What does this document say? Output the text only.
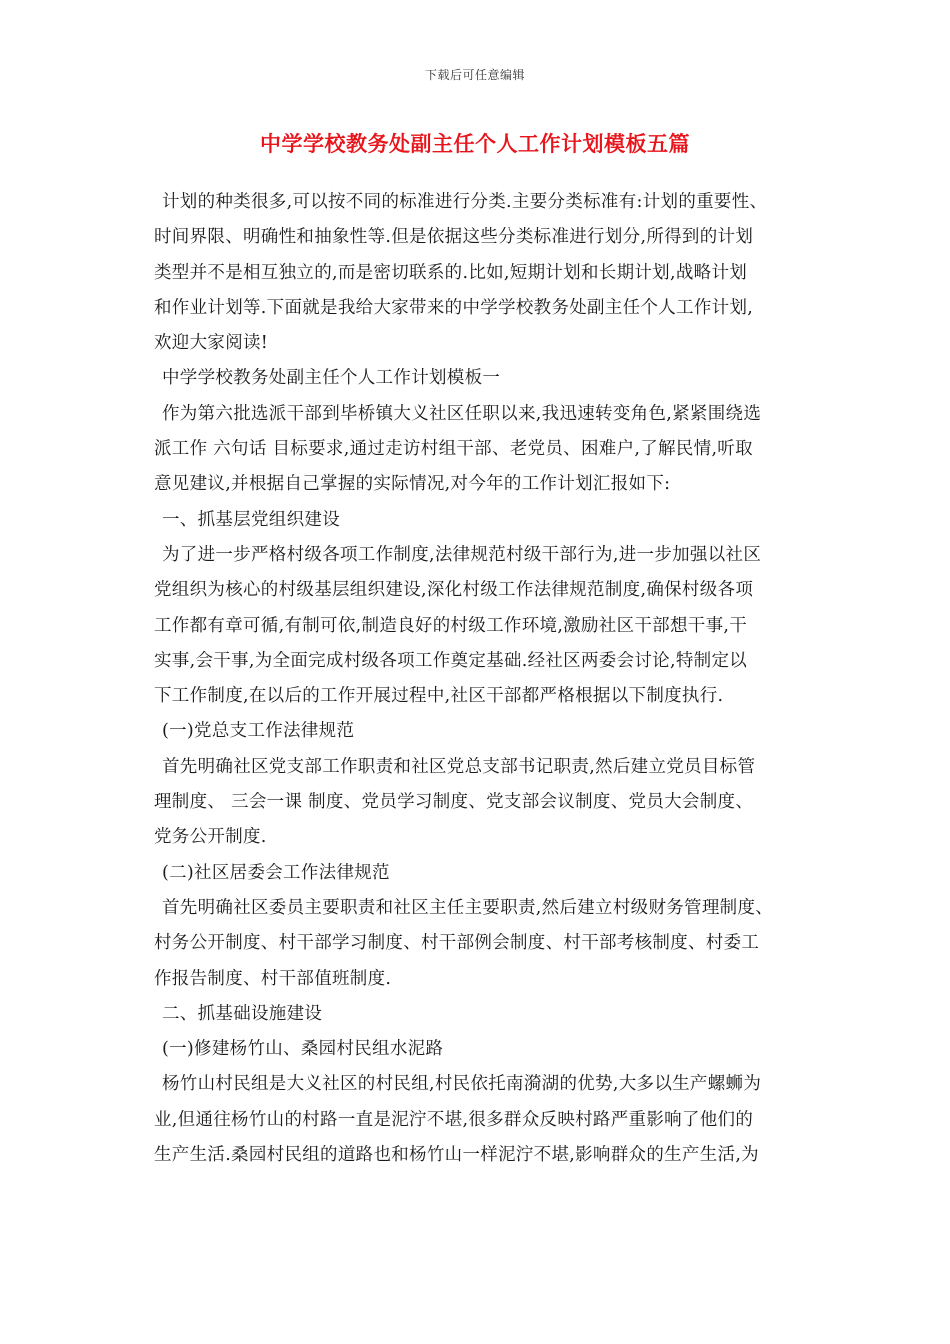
下载后可任意编辑
中学学校教务处副主任个人工作计划模板五篇

计划的种类很多,可以按不同的标准进行分类.主要分类标准有:计划的重要性、
时间界限、明确性和抽象性等.但是依据这些分类标准进行划分,所得到的计划
类型并不是相互独立的,而是密切联系的.比如,短期计划和长期计划,战略计划
和作业计划等.下面就是我给大家带来的中学学校教务处副主任个人工作计划,
欢迎大家阅读!

中学学校教务处副主任个人工作计划模板一

作为第六批选派干部到毕桥镇大义社区任职以来,我迅速转变角色,紧紧围绕选
派工作 六句话 目标要求,通过走访村组干部、老党员、困难户,了解民情,听取
意见建议,并根据自己掌握的实际情况,对今年的工作计划汇报如下:

一、抓基层党组织建设

为了进一步严格村级各项工作制度,法律规范村级干部行为,进一步加强以社区
党组织为核心的村级基层组织建设,深化村级工作法律规范制度,确保村级各项
工作都有章可循,有制可依,制造良好的村级工作环境,激励社区干部想干事,干
实事,会干事,为全面完成村级各项工作奠定基础.经社区两委会讨论,特制定以
下工作制度,在以后的工作开展过程中,社区干部都严格根据以下制度执行.

(一)党总支工作法律规范

首先明确社区党支部工作职责和社区党总支部书记职责,然后建立党员目标管
理制度、 三会一课 制度、党员学习制度、党支部会议制度、党员大会制度、
党务公开制度.

(二)社区居委会工作法律规范

首先明确社区委员主要职责和社区主任主要职责,然后建立村级财务管理制度、
村务公开制度、村干部学习制度、村干部例会制度、村干部考核制度、村委工
作报告制度、村干部值班制度.

二、抓基础设施建设

(一)修建杨竹山、桑园村民组水泥路

杨竹山村民组是大义社区的村民组,村民依托南漪湖的优势,大多以生产螺蛳为
业,但通往杨竹山的村路一直是泥泞不堪,很多群众反映村路严重影响了他们的
生产生活.桑园村民组的道路也和杨竹山一样泥泞不堪,影响群众的生产生活,为
